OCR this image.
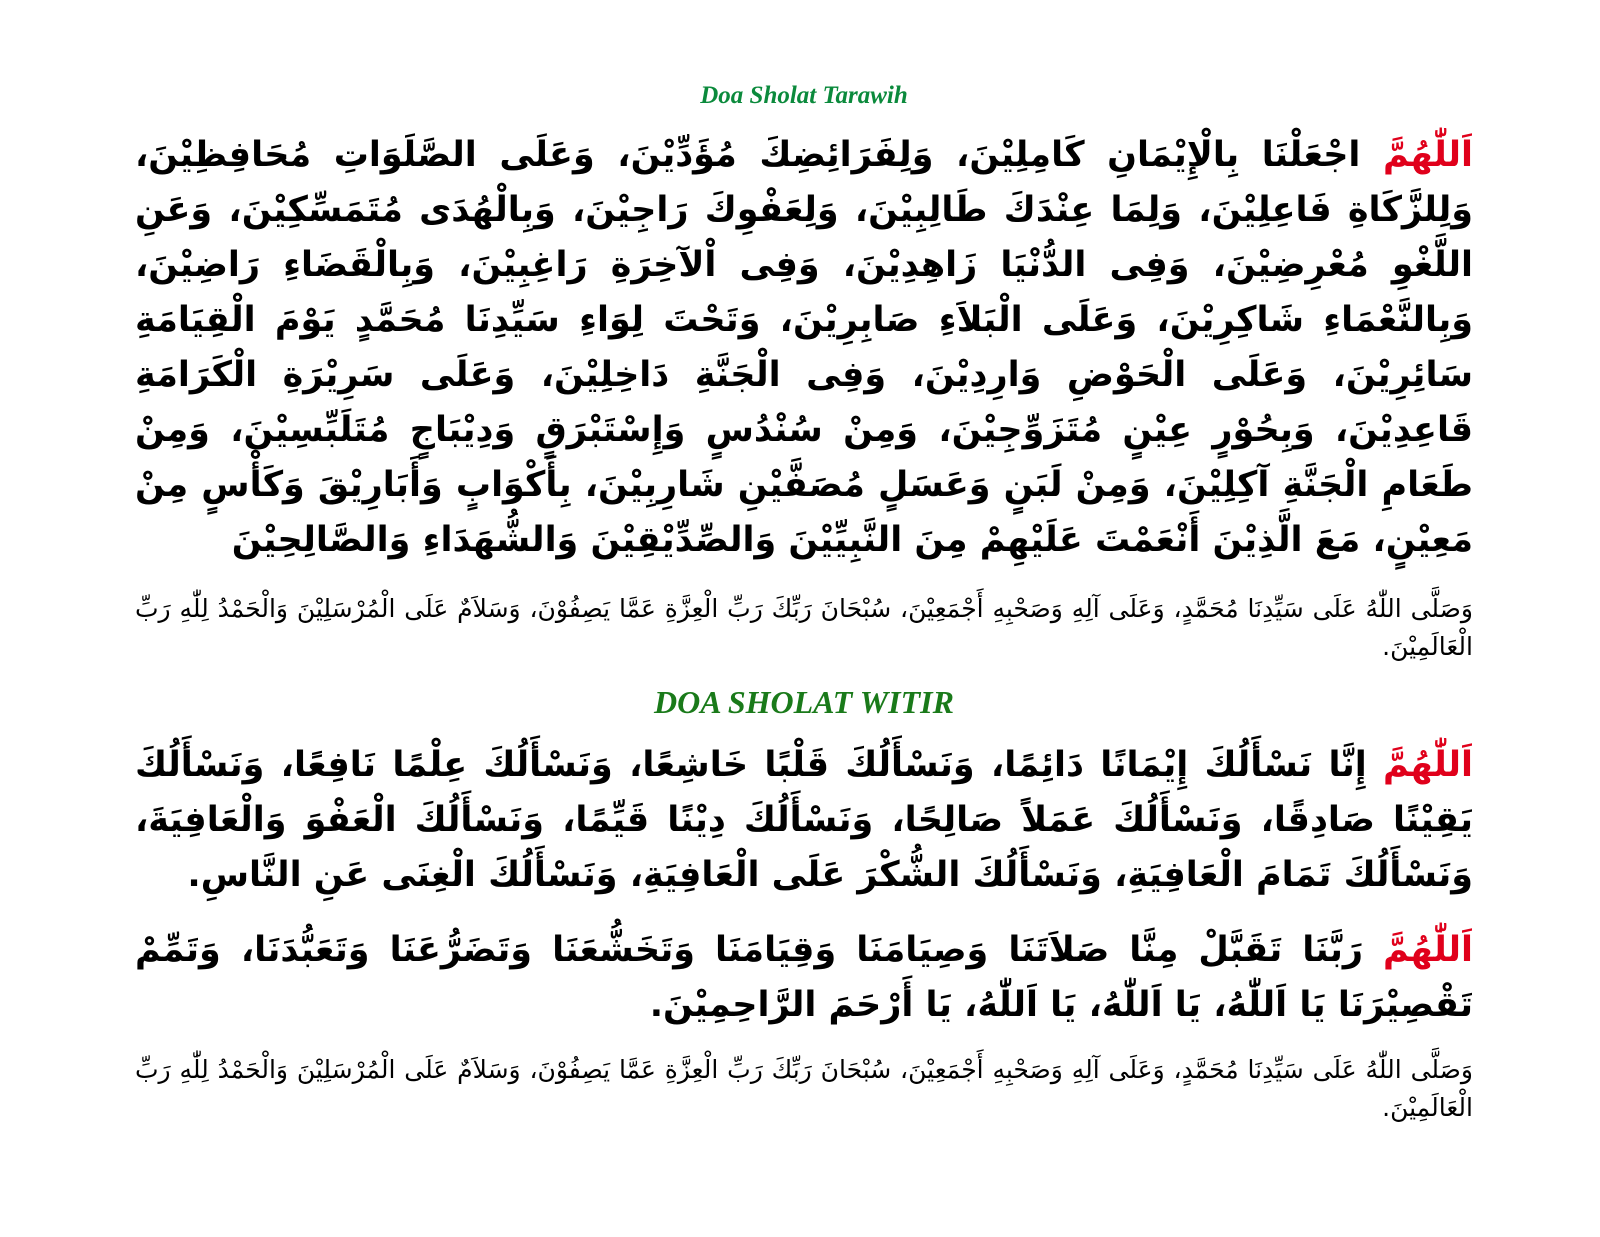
Doa Sholat Tarawih

اَللّٰهُمَّ اجْعَلْنَا بِالْإِيْمَانِ كَامِلِيْنَ، وَلِفَرَائِضِكَ مُؤَدِّيْنَ، وَعَلَى الصَّلَوَاتِ مُحَافِظِيْنَ، وَلِلزَّكَاةِ فَاعِلِيْنَ، وَلِمَا عِنْدَكَ طَالِبِيْنَ، وَلِعَفْوِكَ رَاجِيْنَ، وَبِالْهُدَى مُتَمَسِّكِيْنَ، وَعَنِ اللَّغْوِ مُعْرِضِيْنَ، وَفِى الدُّنْيَا زَاهِدِيْنَ، وَفِى اْلآخِرَةِ رَاغِبِيْنَ، وَبِالْقَضَاءِ رَاضِيْنَ، وَبِالنَّعْمَاءِ شَاكِرِيْنَ، وَعَلَى الْبَلاَءِ صَابِرِيْنَ، وَتَحْتَ لِوَاءِ سَيِّدِنَا مُحَمَّدٍ يَوْمَ الْقِيَامَةِ سَائِرِيْنَ، وَعَلَى الْحَوْضِ وَارِدِيْنَ، وَفِى الْجَنَّةِ دَاخِلِيْنَ، وَعَلَى سَرِيْرَةِ الْكَرَامَةِ قَاعِدِيْنَ، وَبِحُوْرٍ عِيْنٍ مُتَزَوِّجِيْنَ، وَمِنْ سُنْدُسٍ وَإِسْتَبْرَقٍ وَدِيْبَاجٍ مُتَلَبِّسِيْنَ، وَمِنْ طَعَامِ الْجَنَّةِ آكِلِيْنَ، وَمِنْ لَبَنٍ وَعَسَلٍ مُصَفَّيْنِ شَارِبِيْنَ، بِأَكْوَابٍ وَأَبَارِيْقَ وَكَأْسٍ مِنْ مَعِيْنٍ، مَعَ الَّذِيْنَ أَنْعَمْتَ عَلَيْهِمْ مِنَ النَّبِيِّيْنَ وَالصِّدِّيْقِيْنَ وَالشُّهَدَاءِ وَالصَّالِحِيْنَ

وَصَلَّى اللّٰهُ عَلَى سَيِّدِنَا مُحَمَّدٍ، وَعَلَى آلِهِ وَصَحْبِهِ أَجْمَعِيْنَ، سُبْحَانَ رَبِّكَ رَبِّ الْعِزَّةِ عَمَّا يَصِفُوْنَ، وَسَلاَمٌ عَلَى الْمُرْسَلِيْنَ وَالْحَمْدُ لِلّٰهِ رَبِّ الْعَالَمِيْنَ.

DOA SHOLAT WITIR

اَللّٰهُمَّ إِنَّا نَسْأَلُكَ إِيْمَانًا دَائِمًا، وَنَسْأَلُكَ قَلْبًا خَاشِعًا، وَنَسْأَلُكَ عِلْمًا نَافِعًا، وَنَسْأَلُكَ يَقِيْنًا صَادِقًا، وَنَسْأَلُكَ عَمَلاً صَالِحًا، وَنَسْأَلُكَ دِيْنًا قَيِّمًا، وَنَسْأَلُكَ الْعَفْوَ وَالْعَافِيَةَ، وَنَسْأَلُكَ تَمَامَ الْعَافِيَةِ، وَنَسْأَلُكَ الشُّكْرَ عَلَى الْعَافِيَةِ، وَنَسْأَلُكَ الْغِنَى عَنِ النَّاسِ.

اَللّٰهُمَّ رَبَّنَا تَقَبَّلْ مِنَّا صَلاَتَنَا وَصِيَامَنَا وَقِيَامَنَا وَتَخَشُّعَنَا وَتَضَرُّعَنَا وَتَعَبُّدَنَا، وَتَمِّمْ تَقْصِيْرَنَا يَا اَللّٰهُ، يَا اَللّٰهُ، يَا اَللّٰهُ، يَا أَرْحَمَ الرَّاحِمِيْنَ.

وَصَلَّى اللّٰهُ عَلَى سَيِّدِنَا مُحَمَّدٍ، وَعَلَى آلِهِ وَصَحْبِهِ أَجْمَعِيْنَ، سُبْحَانَ رَبِّكَ رَبِّ الْعِزَّةِ عَمَّا يَصِفُوْنَ، وَسَلاَمٌ عَلَى الْمُرْسَلِيْنَ وَالْحَمْدُ لِلّٰهِ رَبِّ الْعَالَمِيْنَ.
